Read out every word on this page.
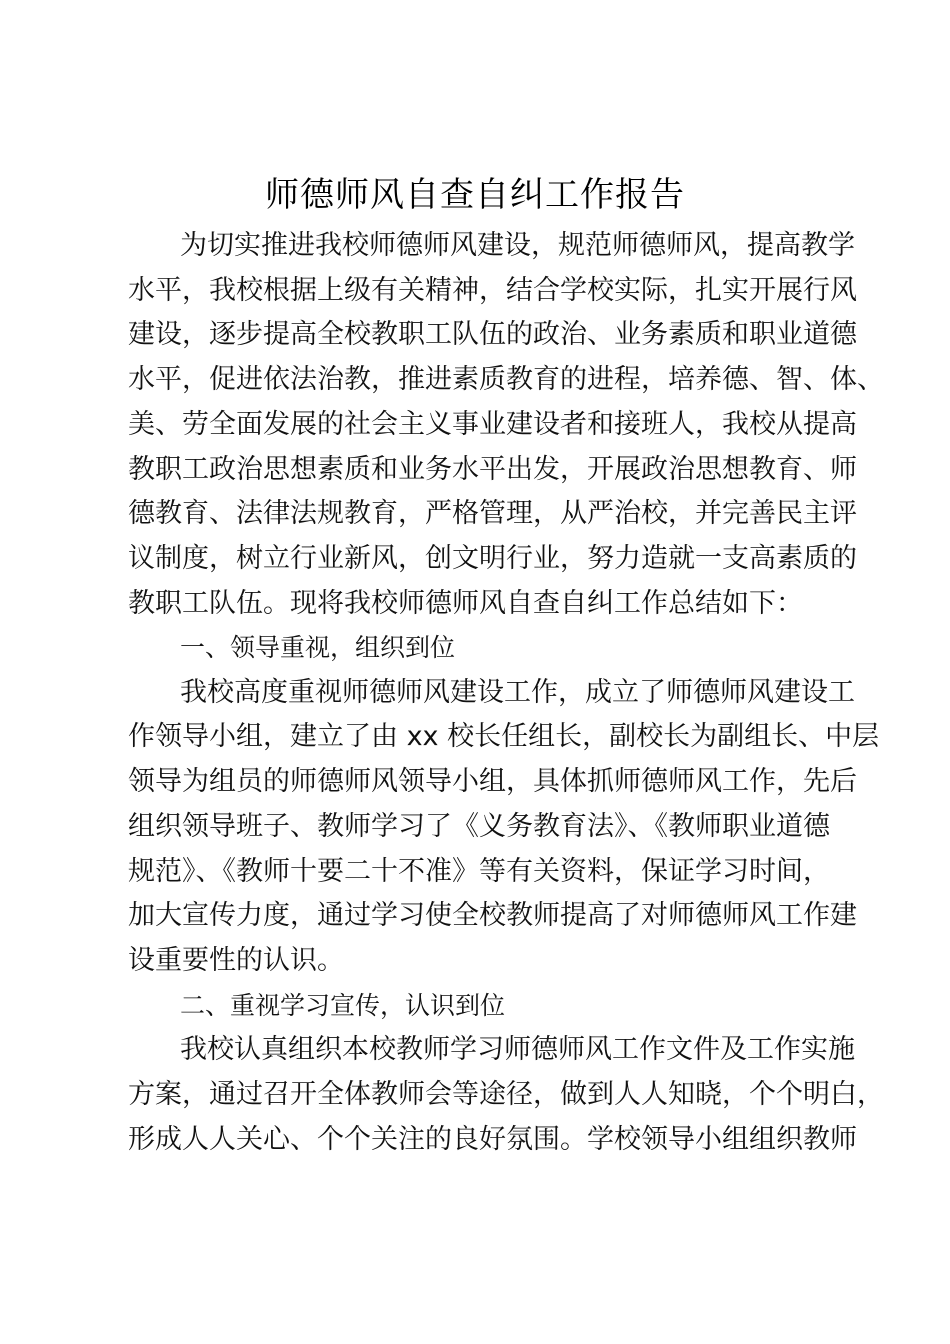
师德师风自查自纠工作报告
为切实推进我校师德师风建设，规范师德师风，提高教学
水平，我校根据上级有关精神，结合学校实际，扎实开展行风
建设，逐步提高全校教职工队伍的政治、业务素质和职业道德
水平，促进依法治教，推进素质教育的进程，培养德、智、体、
美、劳全面发展的社会主义事业建设者和接班人，我校从提高
教职工政治思想素质和业务水平出发，开展政治思想教育、师
德教育、法律法规教育，严格管理，从严治校，并完善民主评
议制度，树立行业新风，创文明行业，努力造就一支高素质的
教职工队伍。现将我校师德师风自查自纠工作总结如下：
一、领导重视，组织到位
我校高度重视师德师风建设工作，成立了师德师风建设工
作领导小组，建立了由 xx 校长任组长，副校长为副组长、中层
领导为组员的师德师风领导小组，具体抓师德师风工作，先后
组织领导班子、教师学习了《义务教育法》、《教师职业道德
规范》、《教师十要二十不准》等有关资料，保证学习时间，
加大宣传力度，通过学习使全校教师提高了对师德师风工作建
设重要性的认识。
二、重视学习宣传，认识到位
我校认真组织本校教师学习师德师风工作文件及工作实施
方案，通过召开全体教师会等途径，做到人人知晓，个个明白，
形成人人关心、个个关注的良好氛围。学校领导小组组织教师
